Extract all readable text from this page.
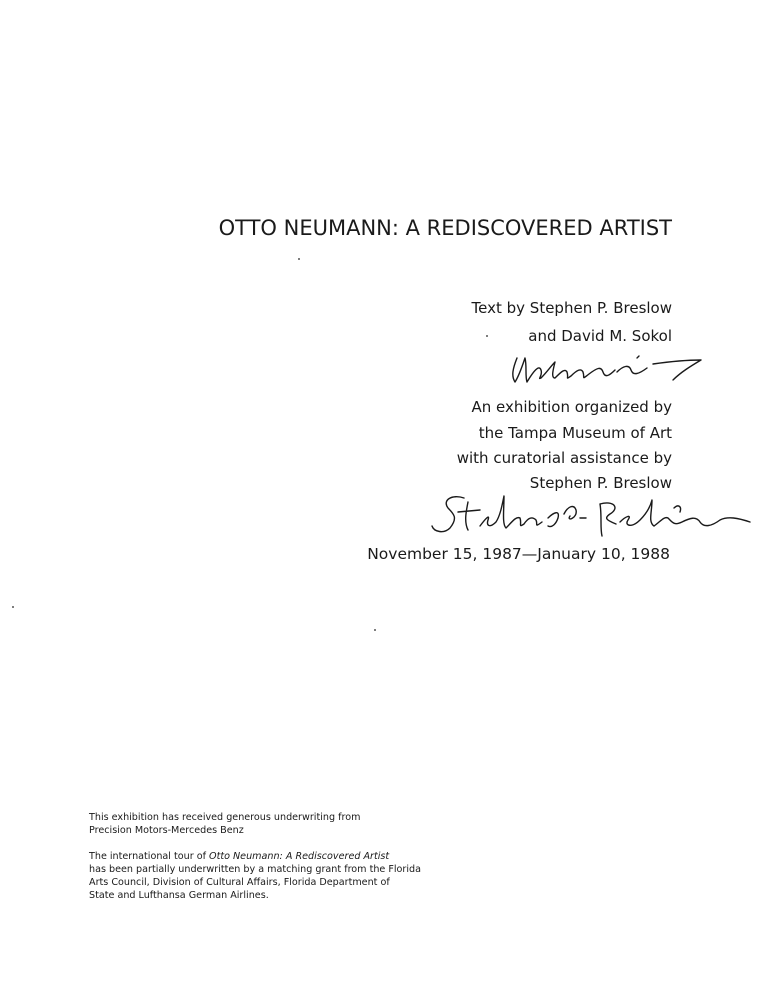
OTTO NEUMANN: A REDISCOVERED ARTIST
Text by Stephen P. Breslow
and David M. Sokol
An exhibition organized by
the Tampa Museum of Art
with curatorial assistance by
Stephen P. Breslow
November 15, 1987—January 10, 1988
This exhibition has received generous underwriting from
Precision Motors-Mercedes Benz
The international tour of Otto Neumann: A Rediscovered Artist
has been partially underwritten by a matching grant from the Florida
Arts Council, Division of Cultural Affairs, Florida Department of
State and Lufthansa German Airlines.
